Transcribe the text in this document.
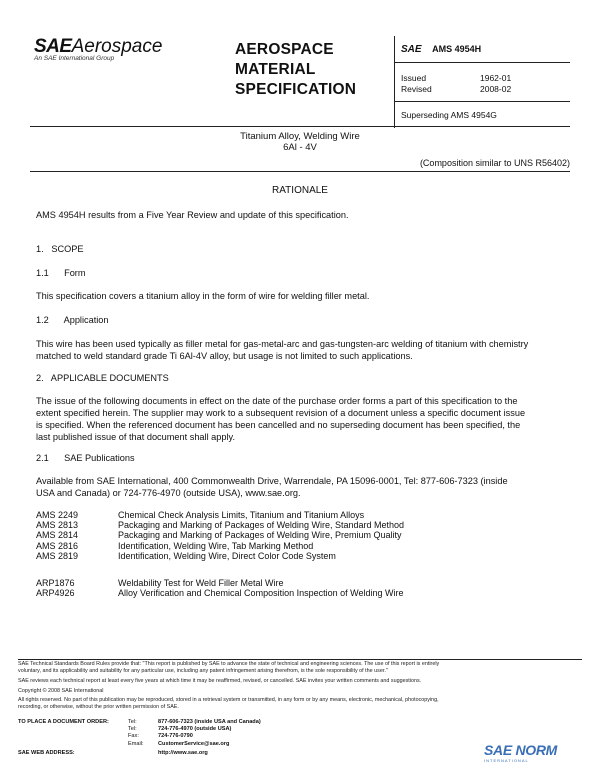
SAEAerospace
An SAE International Group
AEROSPACE
MATERIAL
SPECIFICATION
SAE AMS 4954H
Issued	1962-01
Revised	2008-02
Superseding AMS 4954G
Titanium Alloy, Welding Wire
6Al - 4V
(Composition similar to UNS R56402)
RATIONALE
AMS 4954H results from a Five Year Review and update of this specification.
1.   SCOPE
1.1      Form
This specification covers a titanium alloy in the form of wire for welding filler metal.
1.2      Application
This wire has been used typically as filler metal for gas-metal-arc and gas-tungsten-arc welding of titanium with chemistry
matched to weld standard grade Ti 6Al-4V alloy, but usage is not limited to such applications.
2.   APPLICABLE DOCUMENTS
The issue of the following documents in effect on the date of the purchase order forms a part of this specification to the
extent specified herein. The supplier may work to a subsequent revision of a document unless a specific document issue
is specified. When the referenced document has been cancelled and no superseding document has been specified, the
last published issue of that document shall apply.
2.1      SAE Publications
Available from SAE International, 400 Commonwealth Drive, Warrendale, PA 15096-0001, Tel: 877-606-7323 (inside
USA and Canada) or 724-776-4970 (outside USA), www.sae.org.
AMS 2249	Chemical Check Analysis Limits, Titanium and Titanium Alloys
AMS 2813	Packaging and Marking of Packages of Welding Wire, Standard Method
AMS 2814	Packaging and Marking of Packages of Welding Wire, Premium Quality
AMS 2816	Identification, Welding Wire, Tab Marking Method
AMS 2819	Identification, Welding Wire, Direct Color Code System
ARP1876	Weldability Test for Weld Filler Metal Wire
ARP4926	Alloy Verification and Chemical Composition Inspection of Welding Wire
SAE Technical Standards Board Rules provide that: "This report is published by SAE to advance the state of technical and engineering sciences. The use of this report is entirely
voluntary, and its applicability and suitability for any particular use, including any patent infringement arising therefrom, is the sole responsibility of the user."
SAE reviews each technical report at least every five years at which time it may be reaffirmed, revised, or cancelled. SAE invites your written comments and suggestions.
Copyright © 2008 SAE International
All rights reserved. No part of this publication may be reproduced, stored in a retrieval system or transmitted, in any form or by any means, electronic, mechanical, photocopying,
recording, or otherwise, without the prior written permission of SAE.
TO PLACE A DOCUMENT ORDER:	Tel:	877-606-7323 (inside USA and Canada)
Tel:	724-776-4970 (outside USA)
Fax:	724-776-0790
Email:	CustomerService@sae.org
SAE WEB ADDRESS:	http://www.sae.org	SAE NORM
INTERNATIONAL
